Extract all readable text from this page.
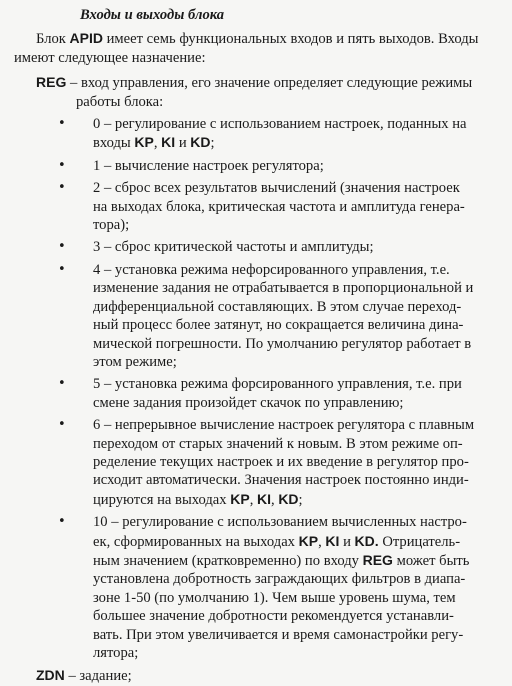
Входы и выходы блока
Блок APID имеет семь функциональных входов и пять выходов. Входы
имеют следующее назначение:
REG – вход управления, его значение определяет следующие режимы
работы блока:
• 0 – регулирование с использованием настроек, поданных на
входы KP, KI и KD;
• 1 – вычисление настроек регулятора;
• 2 – сброс всех результатов вычислений (значения настроек
на выходах блока, критическая частота и амплитуда генера-
тора);
• 3 – сброс критической частоты и амплитуды;
• 4 – установка режима нефорсированного управления, т.е.
изменение задания не отрабатывается в пропорциональной и
дифференциальной составляющих. В этом случае переход-
ный процесс более затянут, но сокращается величина дина-
мической погрешности. По умолчанию регулятор работает в
этом режиме;
• 5 – установка режима форсированного управления, т.е. при
смене задания произойдет скачок по управлению;
• 6 – непрерывное вычисление настроек регулятора с плавным
переходом от старых значений к новым. В этом режиме оп-
ределение текущих настроек и их введение в регулятор про-
исходит автоматически. Значения настроек постоянно инди-
цируются на выходах KP, KI, KD;
• 10 – регулирование с использованием вычисленных настро-
ек, сформированных на выходах KP, KI и KD. Отрицатель-
ным значением (кратковременно) по входу REG может быть
установлена добротность заграждающих фильтров в диапа-
зоне 1-50 (по умолчанию 1). Чем выше уровень шума, тем
большее значение добротности рекомендуется устанавли-
вать. При этом увеличивается и время самонастройки регу-
лятора;
ZDN – задание;
